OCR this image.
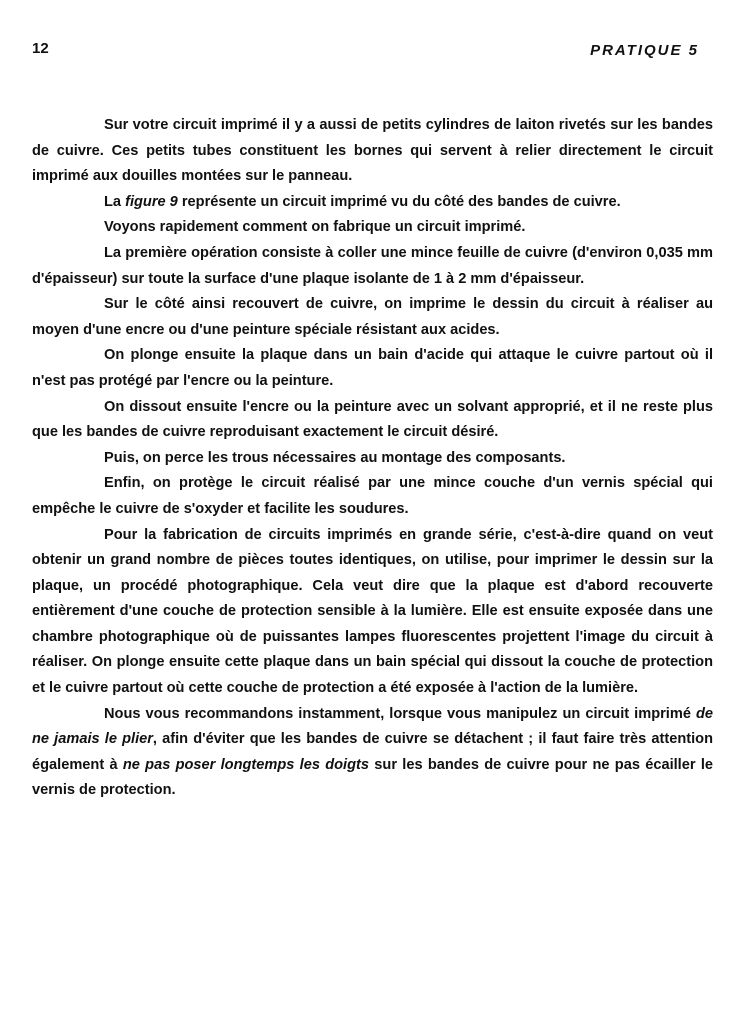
12	PRATIQUE 5

Sur votre circuit imprimé il y a aussi de petits cylindres de laiton rivetés sur les bandes de cuivre. Ces petits tubes constituent les bornes qui servent à relier directement le circuit imprimé aux douilles montées sur le panneau.

La figure 9 représente un circuit imprimé vu du côté des bandes de cuivre.

Voyons rapidement comment on fabrique un circuit imprimé.

La première opération consiste à coller une mince feuille de cuivre (d'environ 0,035 mm d'épaisseur) sur toute la surface d'une plaque isolante de 1 à 2 mm d'épaisseur.

Sur le côté ainsi recouvert de cuivre, on imprime le dessin du circuit à réaliser au moyen d'une encre ou d'une peinture spéciale résistant aux acides.

On plonge ensuite la plaque dans un bain d'acide qui attaque le cuivre partout où il n'est pas protégé par l'encre ou la peinture.

On dissout ensuite l'encre ou la peinture avec un solvant approprié, et il ne reste plus que les bandes de cuivre reproduisant exactement le circuit désiré.

Puis, on perce les trous nécessaires au montage des composants.

Enfin, on protège le circuit réalisé par une mince couche d'un vernis spécial qui empêche le cuivre de s'oxyder et facilite les soudures.

Pour la fabrication de circuits imprimés en grande série, c'est-à-dire quand on veut obtenir un grand nombre de pièces toutes identiques, on utilise, pour imprimer le dessin sur la plaque, un procédé photographique. Cela veut dire que la plaque est d'abord recouverte entièrement d'une couche de protection sensible à la lumière. Elle est ensuite exposée dans une chambre photographique où de puissantes lampes fluorescentes projettent l'image du circuit à réaliser. On plonge ensuite cette plaque dans un bain spécial qui dissout la couche de protection et le cuivre partout où cette couche de protection a été exposée à l'action de la lumière.

Nous vous recommandons instamment, lorsque vous manipulez un circuit imprimé de ne jamais le plier, afin d'éviter que les bandes de cuivre se détachent ; il faut faire très attention également à ne pas poser longtemps les doigts sur les bandes de cuivre pour ne pas écailler le vernis de protection.
